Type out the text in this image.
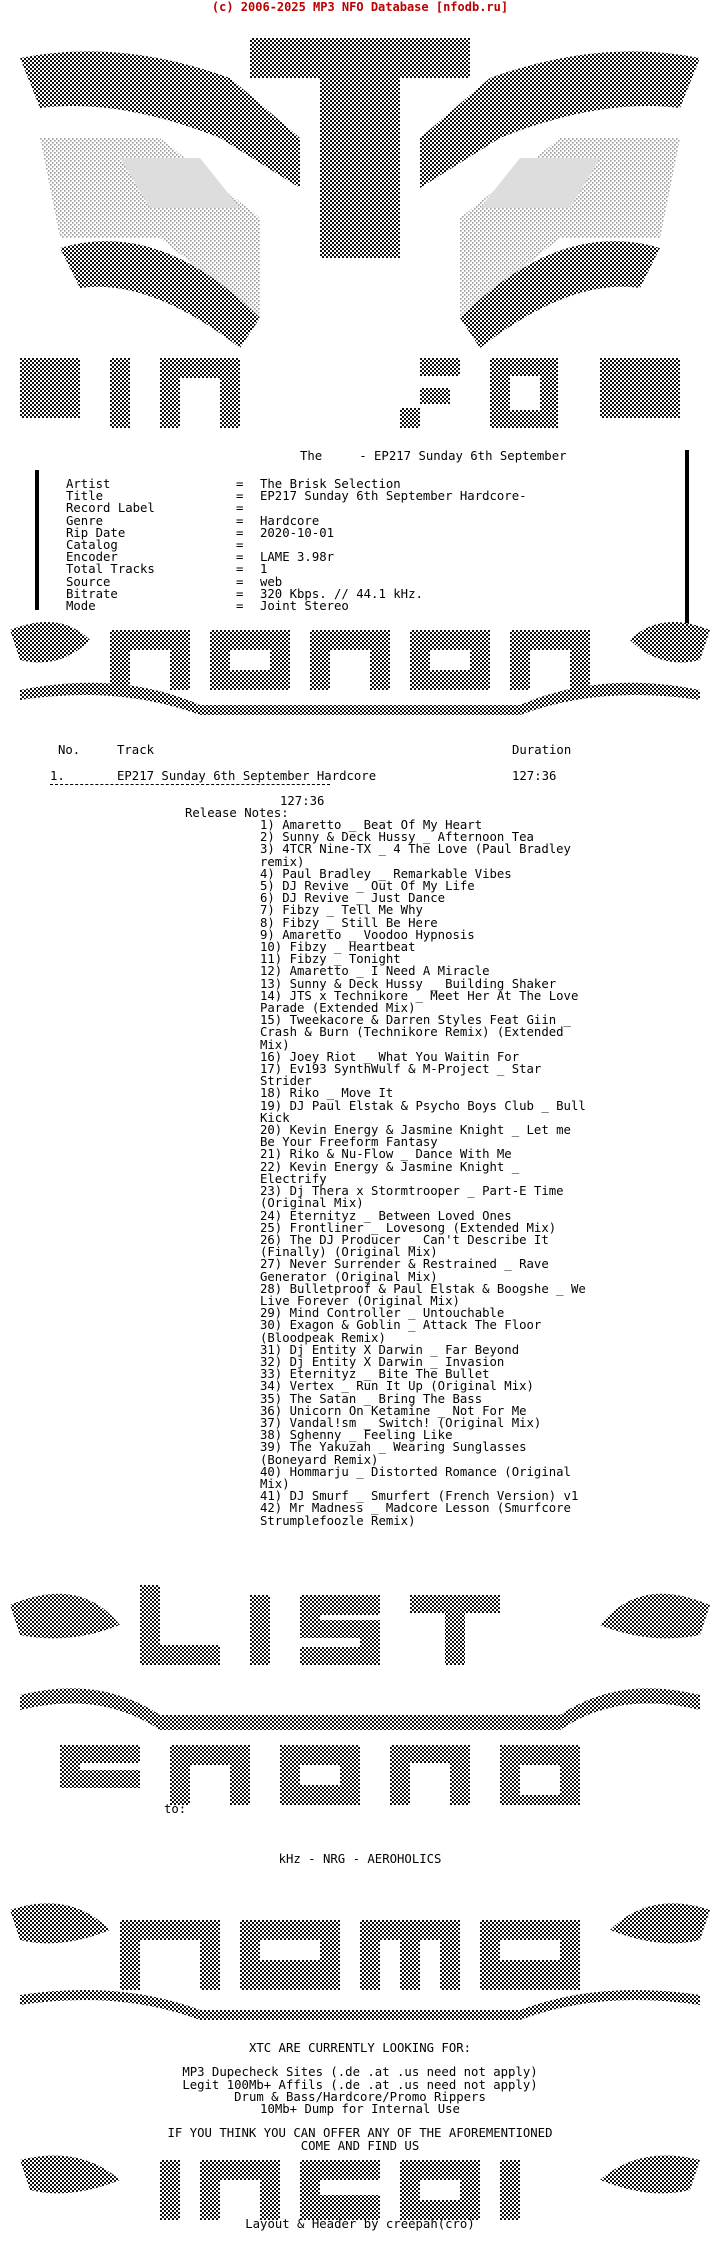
(c) 2006-2025 MP3 NFO Database [nfodb.ru]
The     - EP217 Sunday 6th September
Artist	= The Brisk Selection
Title	= EP217 Sunday 6th September Hardcore-
Record Label	=
Genre	= Hardcore
Rip Date	= 2020-10-01
Catalog	=
Encoder	= LAME 3.98r
Total Tracks	= 1
Source	= web
Bitrate	= 320 Kbps. // 44.1 kHz.
Mode	= Joint Stereo
No.	Track	Duration
1.	EP217 Sunday 6th September Hardcore	127:36
127:36
Release Notes:
1) Amaretto _ Beat Of My Heart
2) Sunny & Deck Hussy _ Afternoon Tea
3) 4TCR Nine-TX _ 4 The Love (Paul Bradley
remix)
4) Paul Bradley _ Remarkable Vibes
5) DJ Revive _ Out Of My Life
6) DJ Revive _ Just Dance
7) Fibzy _ Tell Me Why
8) Fibzy _ Still Be Here
9) Amaretto _ Voodoo Hypnosis
10) Fibzy _ Heartbeat
11) Fibzy _ Tonight
12) Amaretto _ I Need A Miracle
13) Sunny & Deck Hussy _ Building Shaker
14) JTS x Technikore _ Meet Her At The Love
Parade (Extended Mix)
15) Tweekacore & Darren Styles Feat Giin _
Crash & Burn (Technikore Remix) (Extended
Mix)
16) Joey Riot _ What You Waitin For
17) Ev193 SynthWulf & M-Project _ Star
Strider
18) Riko _ Move It
19) DJ Paul Elstak & Psycho Boys Club _ Bull
Kick
20) Kevin Energy & Jasmine Knight _ Let me
Be Your Freeform Fantasy
21) Riko & Nu-Flow _ Dance With Me
22) Kevin Energy & Jasmine Knight _
Electrify
23) Dj Thera x Stormtrooper _ Part-E Time
(Original Mix)
24) Eternityz _ Between Loved Ones
25) Frontliner _ Lovesong (Extended Mix)
26) The DJ Producer _ Can't Describe It
(Finally) (Original Mix)
27) Never Surrender & Restrained _ Rave
Generator (Original Mix)
28) Bulletproof & Paul Elstak & Boogshe _ We
Live Forever (Original Mix)
29) Mind Controller _ Untouchable
30) Exagon & Goblin _ Attack The Floor
(Bloodpeak Remix)
31) Dj Entity X Darwin _ Far Beyond
32) Dj Entity X Darwin _ Invasion
33) Eternityz _ Bite The Bullet
34) Vertex _ Run It Up (Original Mix)
35) The Satan _ Bring The Bass
36) Unicorn On Ketamine _ Not For Me
37) Vandal!sm _ Switch! (Original Mix)
38) Sghenny _ Feeling Like
39) The Yakuzah _ Wearing Sunglasses
(Boneyard Remix)
40) Hommarju _ Distorted Romance (Original
Mix)
41) DJ Smurf _ Smurfert (French Version) v1
42) Mr Madness _ Madcore Lesson (Smurfcore
Strumplefoozle Remix)
to:
kHz - NRG - AEROHOLICS
XTC ARE CURRENTLY LOOKING FOR:

MP3 Dupecheck Sites (.de .at .us need not apply)
Legit 100Mb+ Affils (.de .at .us need not apply)
Drum & Bass/Hardcore/Promo Rippers
10Mb+ Dump for Internal Use

IF YOU THINK YOU CAN OFFER ANY OF THE AFOREMENTIONED
COME AND FIND US
Layout & Header by creepah(cro)
